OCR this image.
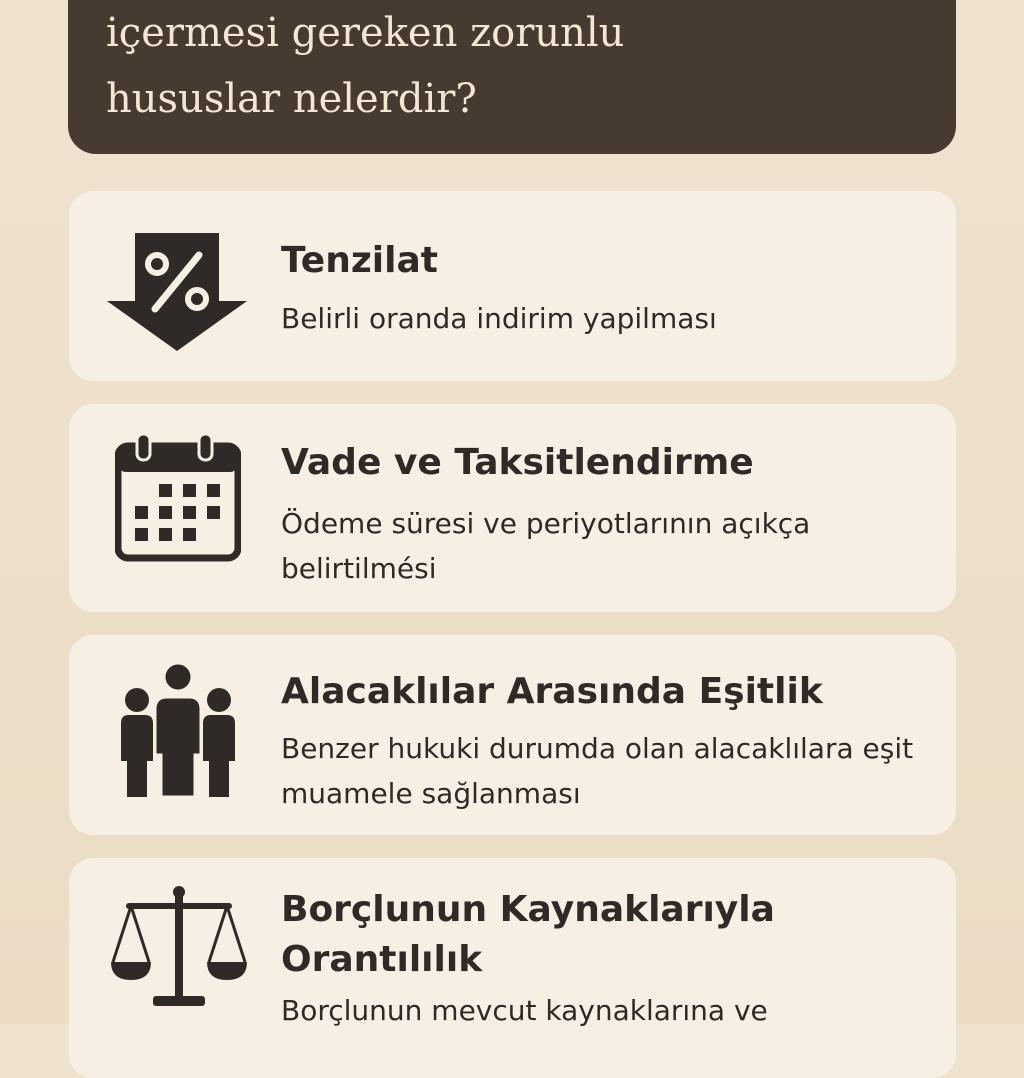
içermesi gereken zorunlu
hususlar nelerdir?
Tenzilat

Belirli oranda indirim yapilması

Vade ve Taksitlendirme

Ödeme süresi ve periyotlarının açıkça belirtilmési

Alacaklılar Arasında Eşitlik

Benzer hukuki durumda olan alacaklılara eşit muamele sağlanması

Borçlunun Kaynaklarıyla Orantılılık

Borçlunun mevcut kaynaklarına ve
